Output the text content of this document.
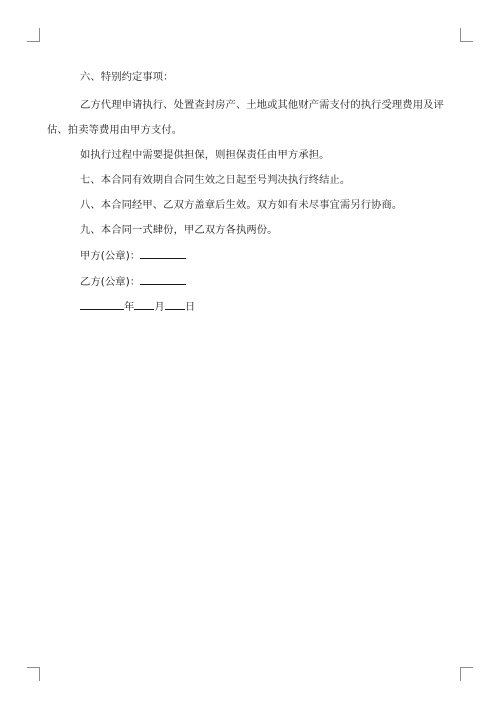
六、特别约定事项：
乙方代理申请执行、处置查封房产、土地或其他财产需支付的执行受理费用及评
估、拍卖等费用由甲方支付。
如执行过程中需要提供担保，则担保责任由甲方承担。
七、本合同有效期自合同生效之日起至号判决执行终结止。
八、本合同经甲、乙双方盖章后生效。双方如有未尽事宜需另行协商。
九、本合同一式肆份，甲乙双方各执两份。
甲方(公章)：
乙方(公章)：
年 月 日
